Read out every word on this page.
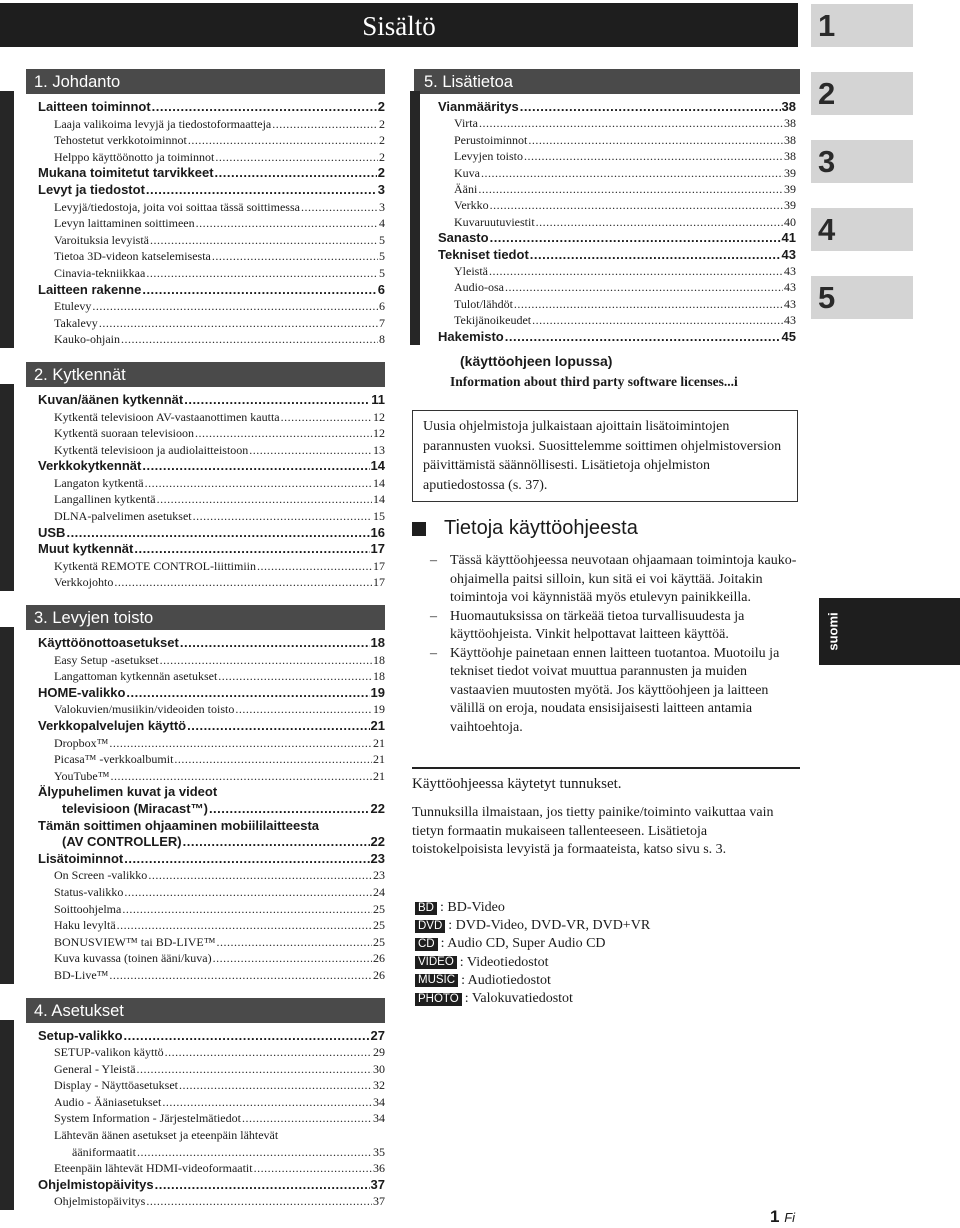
Sisältö	1
2
3
4
5
1. Johdanto
Laitteen toiminnot .....	2
Laaja valikoima levyjä ja tiedostoformaatteja .....	2
Tehostetut verkkotoiminnot .....	2
Helppo käyttöönotto ja toiminnot .....	2
Mukana toimitetut tarvikkeet .....	2
Levyt ja tiedostot .....	3
Levyjä/tiedostoja, joita voi soittaa tässä soittimessa .....	3
Levyn laittaminen soittimeen .....	4
Varoituksia levyistä .....	5
Tietoa 3D-videon katselemisesta .....	5
Cinavia-tekniikkaa .....	5
Laitteen rakenne .....	6
Etulevy .....	6
Takalevy .....	7
Kauko-ohjain .....	8
2. Kytkennät
Kuvan/äänen kytkennät .....	11
Kytkentä televisioon AV-vastaanottimen kautta .....	12
Kytkentä suoraan televisioon .....	12
Kytkentä televisioon ja audiolaitteistoon .....	13
Verkkokytkennät .....	14
Langaton kytkentä .....	14
Langallinen kytkentä .....	14
DLNA-palvelimen asetukset .....	15
USB .....	16
Muut kytkennät .....	17
Kytkentä REMOTE CONTROL-liittimiin .....	17
Verkkojohto .....	17
3. Levyjen toisto
Käyttöönottoasetukset .....	18
Easy Setup -asetukset .....	18
Langattoman kytkennän asetukset .....	18
HOME-valikko .....	19
Valokuvien/musiikin/videoiden toisto .....	19
Verkkopalvelujen käyttö .....	21
Dropbox™ .....	21
Picasa™ -verkkoalbumit .....	21
YouTube™ .....	21
Älypuhelimen kuvat ja videot
televisioon (Miracast™) .....	22
Tämän soittimen ohjaaminen mobiililaitteesta
(AV CONTROLLER) .....	22
Lisätoiminnot .....	23
On Screen -valikko .....	23
Status-valikko .....	24
Soittoohjelma .....	25
Haku levyltä .....	25
BONUSVIEW™ tai BD-LIVE™ .....	25
Kuva kuvassa (toinen ääni/kuva) .....	26
BD-Live™ .....	26
4. Asetukset
Setup-valikko .....	27
SETUP-valikon käyttö .....	29
General - Yleistä .....	30
Display - Näyttöasetukset .....	32
Audio - Ääniasetukset .....	34
System Information - Järjestelmätiedot .....	34
Lähtevän äänen asetukset ja eteenpäin lähtevät
ääniformaatit .....	35
Eteenpäin lähtevät HDMI-videoformaatit .....	36
Ohjelmistopäivitys .....	37
Ohjelmistopäivitys .....	37
5. Lisätietoa
Vianmääritys .....	38
Virta .....	38
Perustoiminnot .....	38
Levyjen toisto .....	38
Kuva .....	39
Ääni .....	39
Verkko .....	39
Kuvaruutuviestit .....	40
Sanasto .....	41
Tekniset tiedot .....	43
Yleistä .....	43
Audio-osa .....	43
Tulot/lähdöt .....	43
Tekijänoikeudet .....	43
Hakemisto .....	45
(käyttöohjeen lopussa)
Information about third party software licenses ... i
Uusia ohjelmistoja julkaistaan ajoittain lisätoimintojen parannusten vuoksi. Suosittelemme soittimen ohjelmistoversion päivittämistä säännöllisesti. Lisätietoja ohjelmiston aputiedostossa (s. 37).
Tietoja käyttöohjeesta
– Tässä käyttöohjeessa neuvotaan ohjaamaan toimintoja kauko-ohjaimella paitsi silloin, kun sitä ei voi käyttää. Joitakin toimintoja voi käynnistää myös etulevyn painikkeilla.
– Huomautuksissa on tärkeää tietoa turvallisuudesta ja käyttöohjeista. Vinkit helpottavat laitteen käyttöä.
– Käyttöohje painetaan ennen laitteen tuotantoa. Muotoilu ja tekniset tiedot voivat muuttua parannusten ja muiden vastaavien muutosten myötä. Jos käyttöohjeen ja laitteen välillä on eroja, noudata ensisijaisesti laitteen antamia vaihtoehtoja.
Käyttöohjeessa käytetyt tunnukset.
Tunnuksilla ilmaistaan, jos tietty painike/toiminto vaikuttaa vain tietyn formaatin mukaiseen tallenteeseen. Lisätietoja toistokelpoisista levyistä ja formaateista, katso sivu s. 3.
BD : BD-Video
DVD : DVD-Video, DVD-VR, DVD+VR
CD : Audio CD, Super Audio CD
VIDEO : Videotiedostot
MUSIC : Audiotiedostot
PHOTO : Valokuvatiedostot
suomi
1 Fi
